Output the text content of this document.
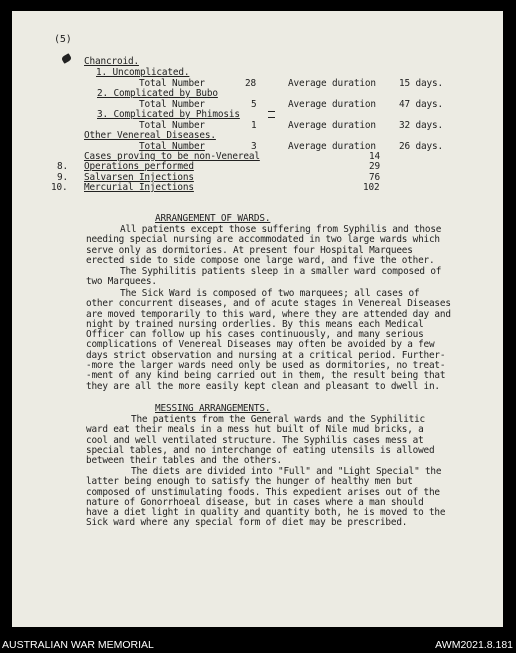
(5)
Chancroid.
1. Uncomplicated.
Total Number	28	Average duration 15 days.
2. Complicated by Bubo
Total Number	5	Average duration 47 days.
3. Complicated by Phimosis
Total Number	1	Average duration 32 days.
Other Venereal Diseases.
Total Number	3	Average duration 26 days.
Cases proving to be non-Venereal	14
8. Operations performed	29
9. Salvarsen Injections	76
10. Mercurial Injections	102
ARRANGEMENT OF WARDS.
All patients except those suffering from Syphilis and those
needing special nursing are accommodated in two large wards which
serve only as dormitories. At present four Hospital Marquees
erected side to side compose one large ward, and five the other.
The Syphilitis patients sleep in a smaller ward composed of
two Marquees.
The Sick Ward is composed of two marquees; all cases of
other concurrent diseases, and of acute stages in Venereal Diseases
are moved temporarily to this ward, where they are attended day and
night by trained nursing orderlies. By this means each Medical
Officer can follow up his cases continuously, and many serious
complications of Venereal Diseases may often be avoided by a few
days strict observation and nursing at a critical period. Further-
-more the larger wards need only be used as dormitories, no treat-
-ment of any kind being carried out in them, the result being that
they are all the more easily kept clean and pleasant to dwell in.
MESSING ARRANGEMENTS.
The patients from the General wards and the Syphilitic
ward eat their meals in a mess hut built of Nile mud bricks, a
cool and well ventilated structure. The Syphilis cases mess at
special tables, and no interchange of eating utensils is allowed
between their tables and the others.
The diets are divided into "Full" and "Light Special" the
latter being enough to satisfy the hunger of healthy men but
composed of unstimulating foods. This expedient arises out of the
nature of Gonorrhoeal disease, but in cases where a man should
have a diet light in quality and quantity both, he is moved to the
Sick ward where any special form of diet may be prescribed.
AUSTRALIAN WAR MEMORIAL	AWM2021.8.181
